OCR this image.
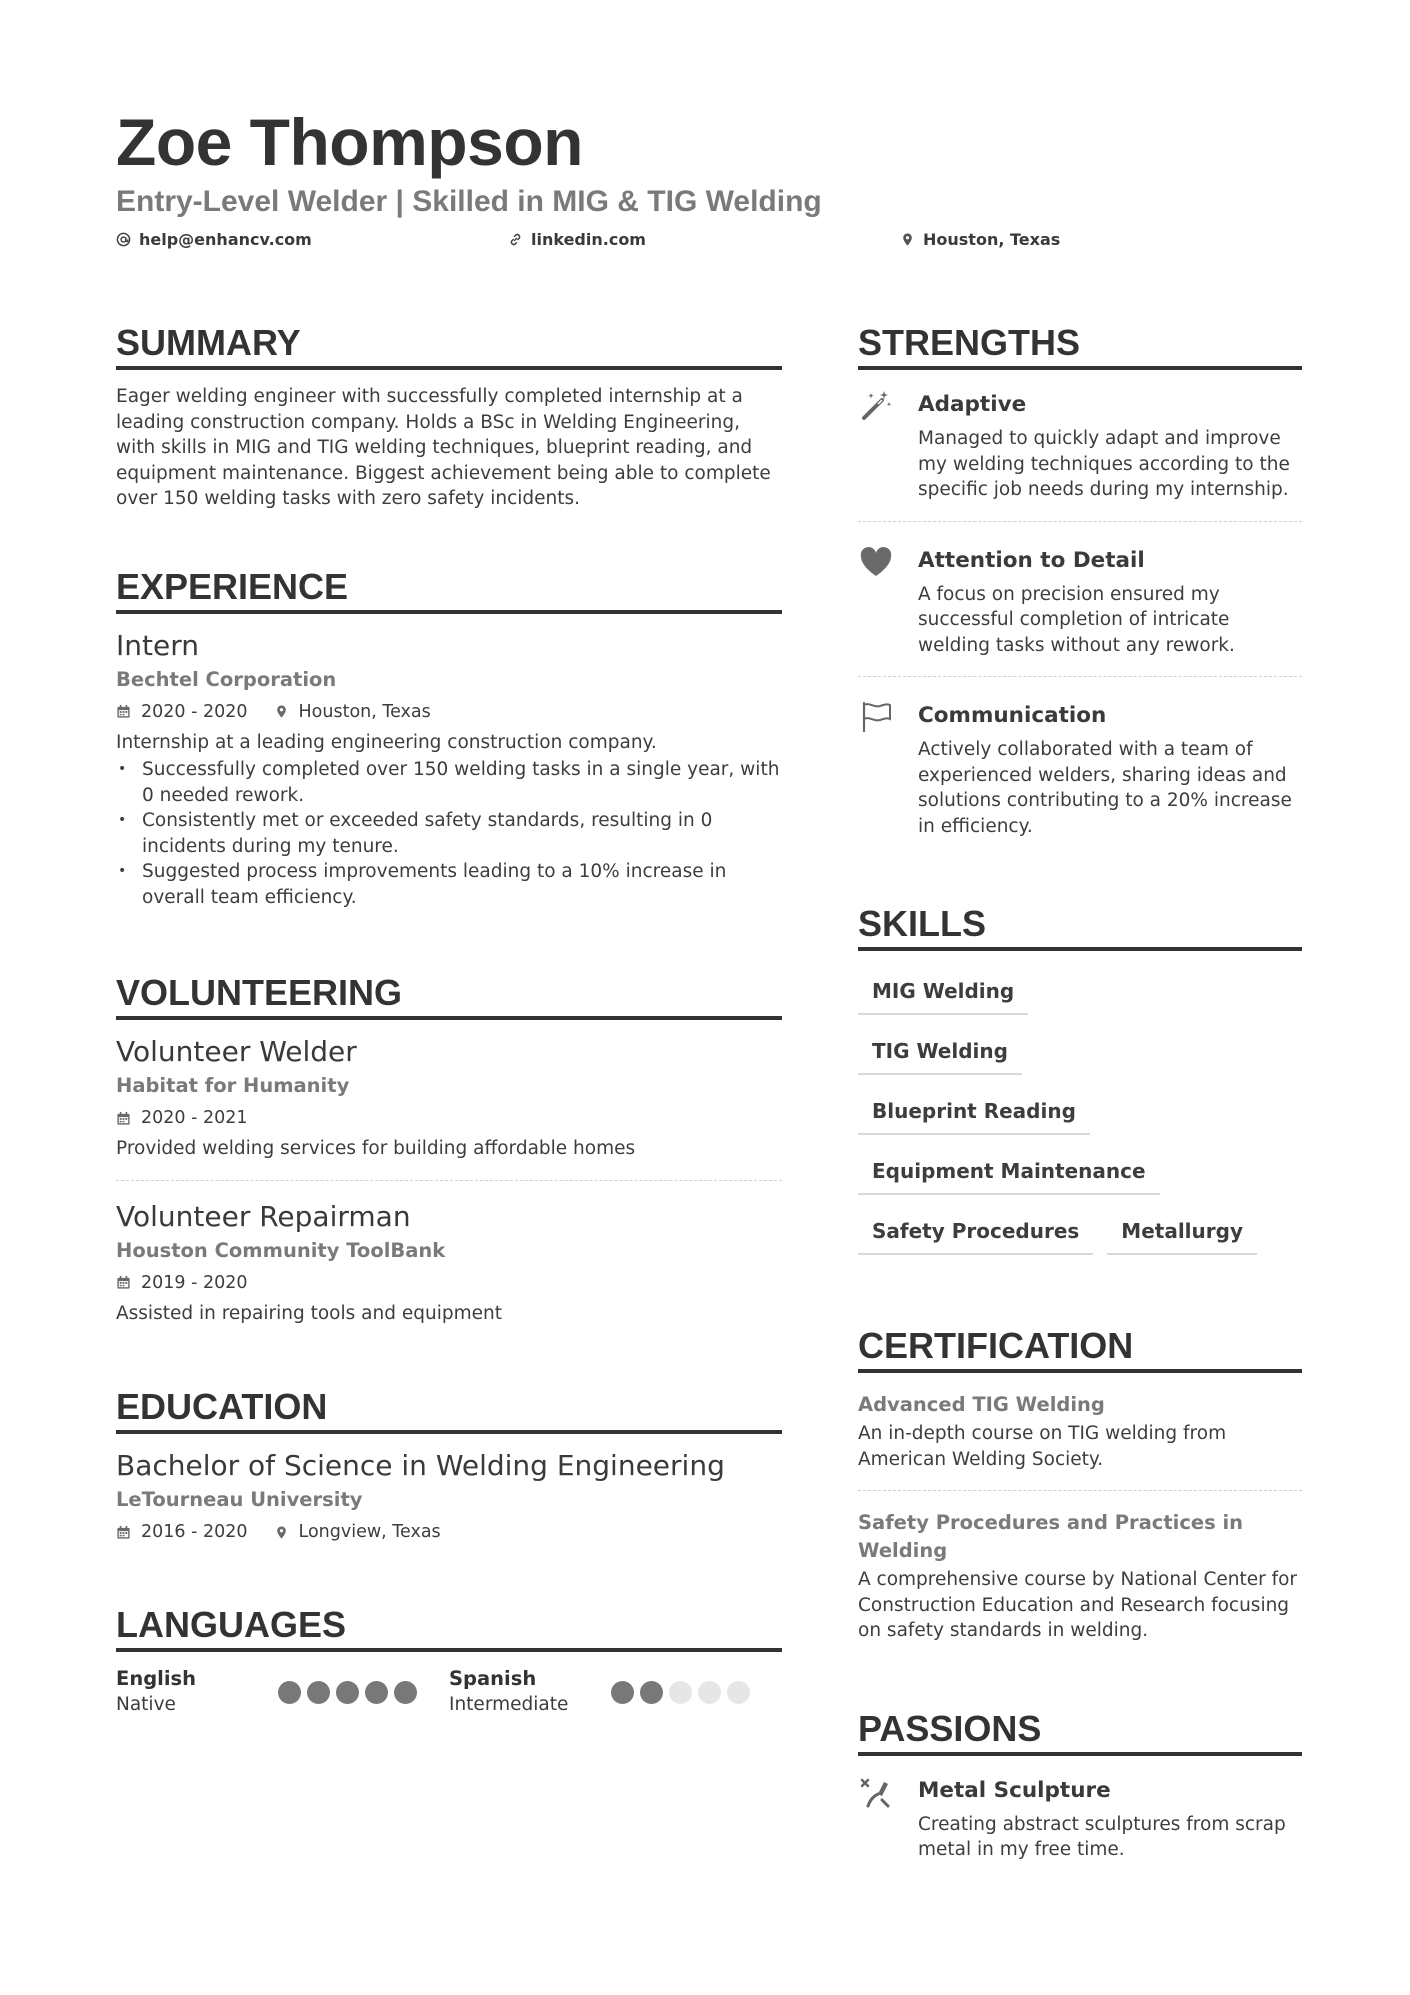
Zoe Thompson
Entry-Level Welder | Skilled in MIG & TIG Welding
help@enhancv.com	linkedin.com	Houston, Texas
SUMMARY

Eager welding engineer with successfully completed internship at a leading construction company. Holds a BSc in Welding Engineering, with skills in MIG and TIG welding techniques, blueprint reading, and equipment maintenance. Biggest achievement being able to complete over 150 welding tasks with zero safety incidents.

EXPERIENCE
Intern
Bechtel Corporation
2020 - 2020	Houston, Texas

Internship at a leading engineering construction company.

• Successfully completed over 150 welding tasks in a single year, with 0 needed rework.
• Consistently met or exceeded safety standards, resulting in 0 incidents during my tenure.
• Suggested process improvements leading to a 10% increase in overall team efficiency.
VOLUNTEERING
Volunteer Welder
Habitat for Humanity
2020 - 2021

Provided welding services for building affordable homes

Volunteer Repairman
Houston Community ToolBank
2019 - 2020

Assisted in repairing tools and equipment

EDUCATION
Bachelor of Science in Welding Engineering
LeTourneau University
2016 - 2020	Longview, Texas
LANGUAGES
English
Native
Spanish
Intermediate
STRENGTHS
Adaptive

Managed to quickly adapt and improve my welding techniques according to the specific job needs during my internship.

Attention to Detail

A focus on precision ensured my successful completion of intricate welding tasks without any rework.

Communication

Actively collaborated with a team of experienced welders, sharing ideas and solutions contributing to a 20% increase in efficiency.

SKILLS
MIG Welding
TIG Welding
Blueprint Reading
Equipment Maintenance
Safety Procedures	Metallurgy
CERTIFICATION
Advanced TIG Welding

An in-depth course on TIG welding from American Welding Society.

Safety Procedures and Practices in Welding

A comprehensive course by National Center for Construction Education and Research focusing on safety standards in welding.

PASSIONS
Metal Sculpture

Creating abstract sculptures from scrap metal in my free time.
